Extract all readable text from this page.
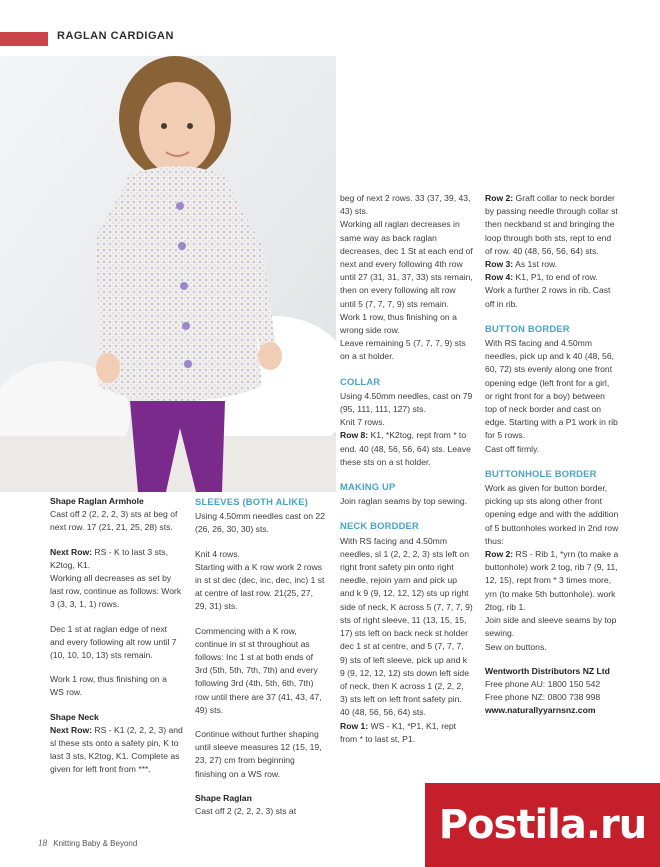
RAGLAN CARDIGAN
Shape Raglan Armhole

Cast off 2 (2, 2, 2, 3) sts at beg of next row. 17 (21, 21, 25, 28) sts.

Next Row: RS - K to last 3 sts, K2tog, K1.

Working all decreases as set by last row, continue as follows: Work 3 (3, 3, 1, 1) rows.

Dec 1 st at raglan edge of next and every following alt row until 7 (10, 10, 10, 13) sts remain.

Work 1 row, thus finishing on a WS row.

Shape Neck

Next Row: RS - K1 (2, 2, 2, 3) and sl these sts onto a safety pin, K to last 3 sts, K2tog, K1. Complete as given for left front from ***.

SLEEVES (BOTH ALIKE)

Using 4.50mm needles cast on 22 (26, 26, 30, 30) sts.

Knit 4 rows.

Starting with a K row work 2 rows in st st dec (dec, inc, dec, inc) 1 st at centre of last row. 21(25, 27, 29, 31) sts.

Commencing with a K row, continue in st st throughout as follows: Inc 1 st at both ends of 3rd (5th, 5th, 7th, 7th) and every following 3rd (4th, 5th, 6th, 7th) row until there are 37 (41, 43, 47, 49) sts.

Continue without further shaping until sleeve measures 12 (15, 19, 23, 27) cm from beginning finishing on a WS row.

Shape Raglan

Cast off 2 (2, 2, 2, 3) sts at

beg of next 2 rows. 33 (37, 39, 43, 43) sts.

Working all raglan decreases in same way as back raglan decreases, dec 1 St at each end of next and every following 4th row until 27 (31, 31, 37, 33) sts remain, then on every following alt row until 5 (7, 7, 7, 9) sts remain.

Work 1 row, thus finishing on a wrong side row.

Leave remaining 5 (7, 7, 7, 9) sts on a st holder.

COLLAR

Using 4.50mm needles, cast on 79 (95, 111, 111, 127) sts.

Knit 7 rows.

Row 8: K1, *K2tog, rept from * to end. 40 (48, 56, 56, 64) sts. Leave these sts on a st holder.

MAKING UP

Join raglan seams by top sewing.

NECK BORDDER

With RS facing and 4.50mm needles, sl 1 (2, 2, 2, 3) sts left on right front safety pin onto right needle, rejoin yarn and pick up and k 9 (9, 12, 12, 12) sts up right side of neck, K across 5 (7, 7, 7, 9) sts of right sleeve, 11 (13, 15, 15, 17) sts left on back neck st holder dec 1 st at centre, and 5 (7, 7, 7, 9) sts of left sleeve, pick up and k 9 (9, 12, 12, 12) sts down left side of neck, then K across 1 (2, 2, 2, 3) sts left on left front safety pin. 40 (48, 56, 56, 64) sts.

Row 1: WS - K1, *P1, K1, rept from * to last st, P1.

Row 2: Graft collar to neck border by passing needle through collar st then neckband st and bringing the loop through both sts, rept to end of row. 40 (48, 56, 56, 64) sts.

Row 3: As 1st row.

Row 4: K1, P1, to end of row.

Work a further 2 rows in rib. Cast off in rib.

BUTTON BORDER

With RS facing and 4.50mm needles, pick up and k 40 (48, 56, 60, 72) sts evenly along one front opening edge (left front for a girl, or right front for a boy) between top of neck border and cast on edge. Starting with a P1 work in rib for 5 rows.

Cast off firmly.

BUTTONHOLE BORDER

Work as given for button border, picking up sts along other front opening edge and with the addition of 5 buttonholes worked in 2nd row thus:

Row 2: RS - Rib 1, *yrn (to make a buttonhole) work 2 tog, rib 7 (9, 11, 12, 15), rept from * 3 times more, yrn (to make 5th buttonhole). work 2tog, rib 1.

Join side and sleeve seams by top sewing.

Sew on buttons.

Wentworth Distributors NZ Ltd

Free phone AU: 1800 150 542

Free phone NZ: 0800 738 998

www.naturallyyarnsnz.com

18 Knitting Baby & Beyond	Postila.ru
